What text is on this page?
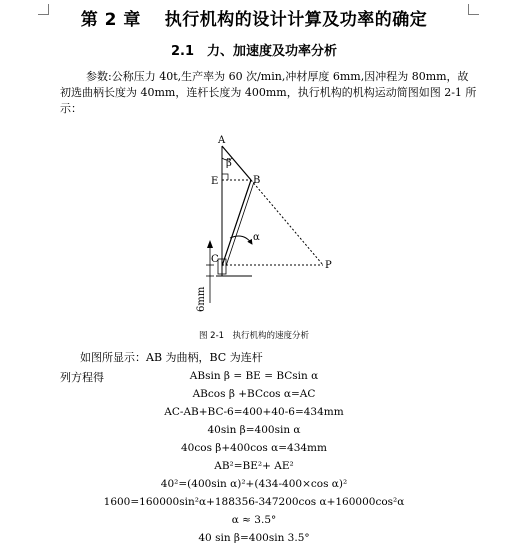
第 2 章　 执行机构的设计计算及功率的确定
2.1　力、加速度及功率分析
参数:公称压力 40t,生产率为 60 次/min,冲材厚度 6mm,因冲程为 80mm，故初选曲柄长度为 40mm，连杆长度为 400mm，执行机构的机构运动简图如图 2-1 所示：
A
β
E	B
α
C
P
6mm
图 2-1　执行机构的速度分析
如图所显示：AB 为曲柄，BC 为连杆
列方程得	ABsin β = BE = BCsin α
ABcos β +BCcos α=AC
AC-AB+BC-6=400+40-6=434mm
40sin β=400sin α
40cos β+400cos α=434mm
AB²=BE²+ AE²
40²=(400sin α)²+(434-400×cos α)²
1600=160000sin²α+188356-347200cos α+160000cos²α
α ≈ 3.5°
40 sin β=400sin 3.5°
